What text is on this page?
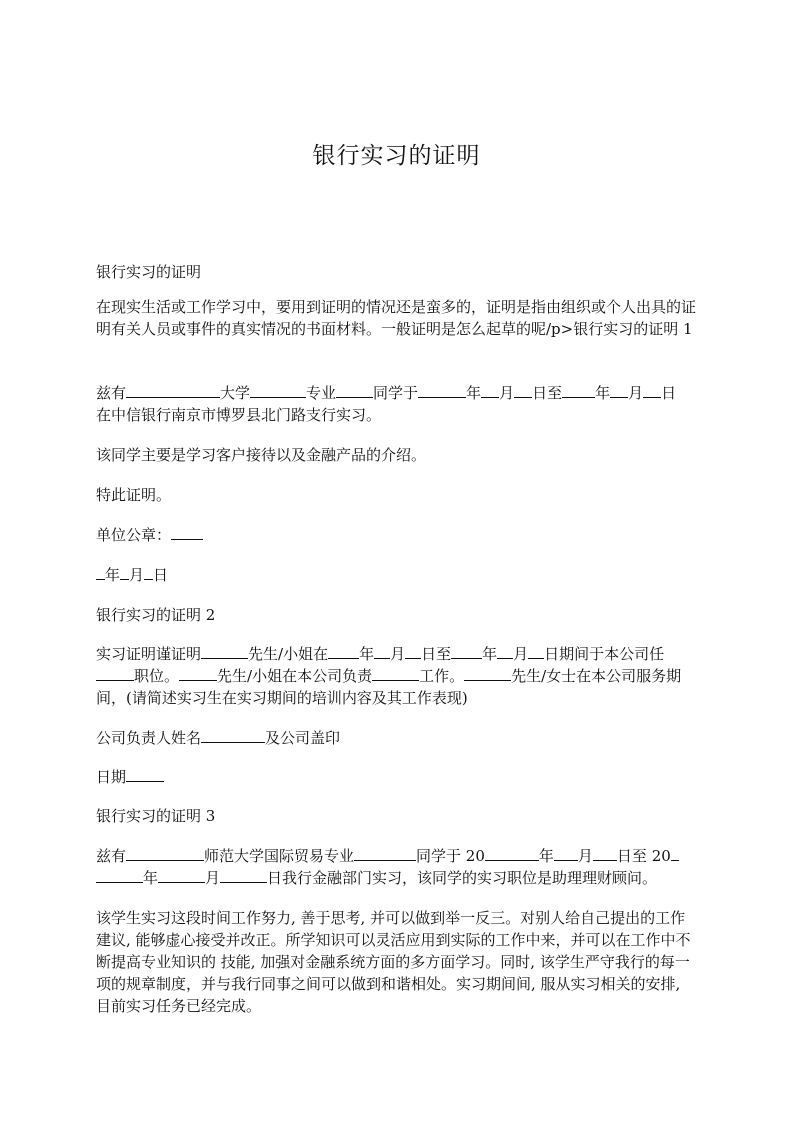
银行实习的证明

银行实习的证明

在现实生活或工作学习中，要用到证明的情况还是蛮多的，证明是指由组织或个人出具的证明有关人员或事件的真实情况的书面材料。一般证明是怎么起草的呢/p>银行实习的证明 1

兹有	大学	专业 同学于	年 月 日至 年 月 日
在中信银行南京市博罗县北门路支行实习。

该同学主要是学习客户接待以及金融产品的介绍。

特此证明。

单位公章：

年 月 日

银行实习的证明 2

实习证明谨证明	先生/小姐在 年 月 日至 年 月 日期间于本公司任
职位。	先生/小姐在本公司负责	工作。	先生/女士在本公司服务期间，(请简述实习生在实习期间的培训内容及其工作表现)

公司负责人姓名	及公司盖印

日期

银行实习的证明 3

兹有	师范大学国际贸易专业	同学于 20	年 月 日至 20
年	月	日我行金融部门实习，该同学的实习职位是助理理财顾问。

该学生实习这段时间工作努力, 善于思考, 并可以做到举一反三。对别人给自己提出的工作建议, 能够虚心接受并改正。所学知识可以灵活应用到实际的工作中来，并可以在工作中不断提高专业知识的 技能, 加强对金融系统方面的多方面学习。同时, 该学生严守我行的每一项的规章制度，并与我行同事之间可以做到和谐相处。实习期间间, 服从实习相关的安排, 目前实习任务已经完成。
